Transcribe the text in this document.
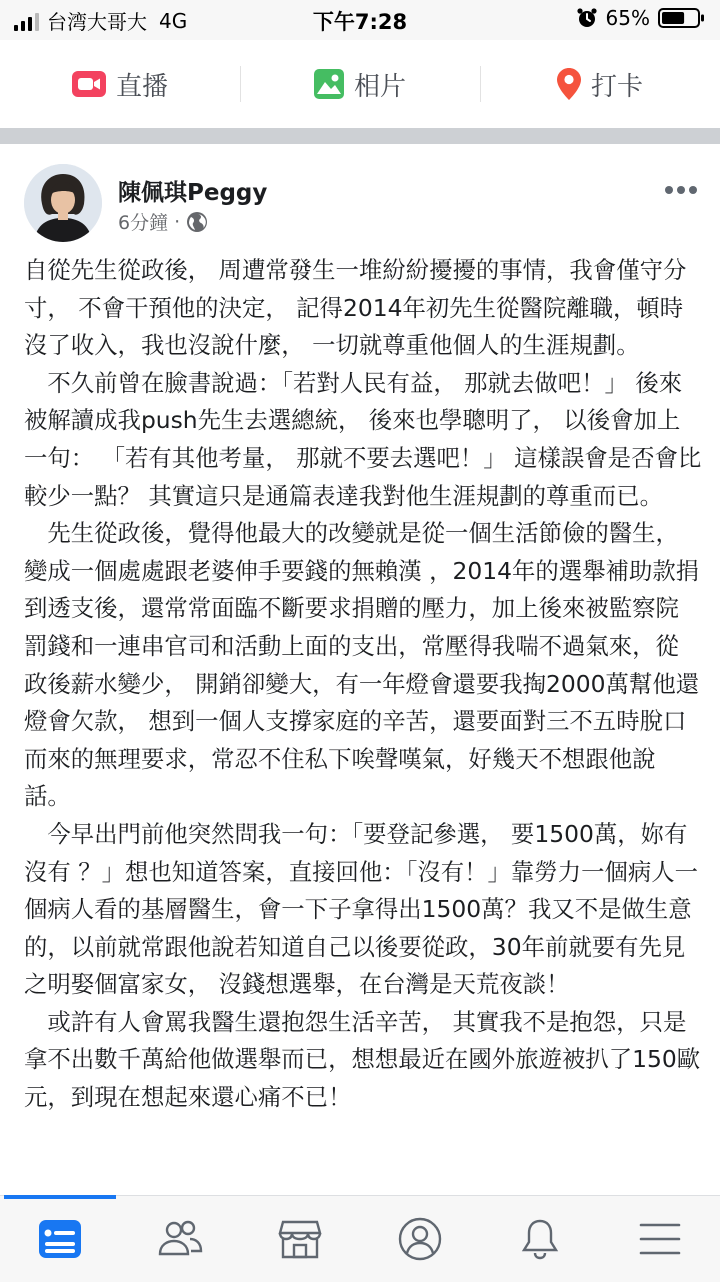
台湾大哥大 4G	下午7:28	65%
直播	相片	打卡
陳佩琪Peggy
6分鐘 ·

自從先生從政後， 周遭常發生一堆紛紛擾擾的事情，我會僅守分寸， 不會干預他的決定， 記得2014年初先生從醫院離職，頓時沒了收入，我也沒說什麼， 一切就尊重他個人的生涯規劃。

　不久前曾在臉書說過：「若對人民有益， 那就去做吧！」 後來被解讀成我push先生去選總統， 後來也學聰明了， 以後會加上一句： 「若有其他考量， 那就不要去選吧！」 這樣誤會是否會比較少一點？ 其實這只是通篇表達我對他生涯規劃的尊重而已。

　先生從政後，覺得他最大的改變就是從一個生活節儉的醫生，變成一個處處跟老婆伸手要錢的無賴漢 ，2014年的選舉補助款捐到透支後，還常常面臨不斷要求捐贈的壓力，加上後來被監察院罰錢和一連串官司和活動上面的支出，常壓得我喘不過氣來，從政後薪水變少， 開銷卻變大，有一年燈會還要我掏2000萬幫他還燈會欠款， 想到一個人支撐家庭的辛苦，還要面對三不五時脫口而來的無理要求，常忍不住私下唉聲嘆氣，好幾天不想跟他說話。

　今早出門前他突然問我一句：「要登記參選， 要1500萬，妳有沒有 ？」想也知道答案，直接回他：「沒有！」靠勞力一個病人一個病人看的基層醫生，會一下子拿得出1500萬？我又不是做生意的，以前就常跟他說若知道自己以後要從政，30年前就要有先見之明娶個富家女， 沒錢想選舉，在台灣是天荒夜談！

　或許有人會罵我醫生還抱怨生活辛苦， 其實我不是抱怨，只是拿不出數千萬給他做選舉而已，想想最近在國外旅遊被扒了150歐元，到現在想起來還心痛不已！
